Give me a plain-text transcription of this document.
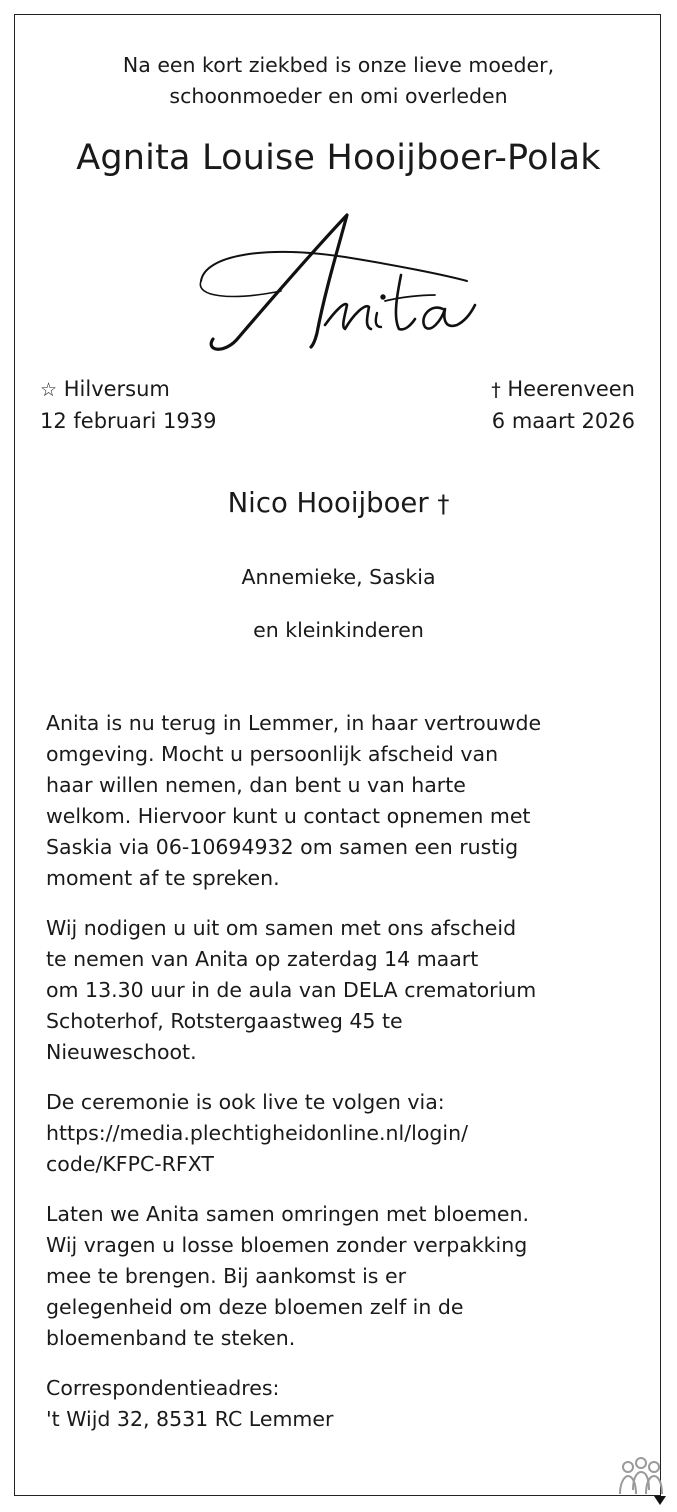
Na een kort ziekbed is onze lieve moeder,
schoonmoeder en omi overleden
Agnita Louise Hooijboer-Polak
☆ Hilversum
12 februari 1939
† Heerenveen
6 maart 2026
Nico Hooijboer †
Annemieke, Saskia
en kleinkinderen
Anita is nu terug in Lemmer, in haar vertrouwde
omgeving. Mocht u persoonlijk afscheid van
haar willen nemen, dan bent u van harte
welkom. Hiervoor kunt u contact opnemen met
Saskia via 06-10694932 om samen een rustig
moment af te spreken.
Wij nodigen u uit om samen met ons afscheid
te nemen van Anita op zaterdag 14 maart
om 13.30 uur in de aula van DELA crematorium
Schoterhof, Rotstergaastweg 45 te
Nieuweschoot.
De ceremonie is ook live te volgen via:
https://media.plechtigheidonline.nl/login/
code/KFPC-RFXT
Laten we Anita samen omringen met bloemen.
Wij vragen u losse bloemen zonder verpakking
mee te brengen. Bij aankomst is er
gelegenheid om deze bloemen zelf in de
bloemenband te steken.
Correspondentieadres:
't Wijd 32, 8531 RC Lemmer
